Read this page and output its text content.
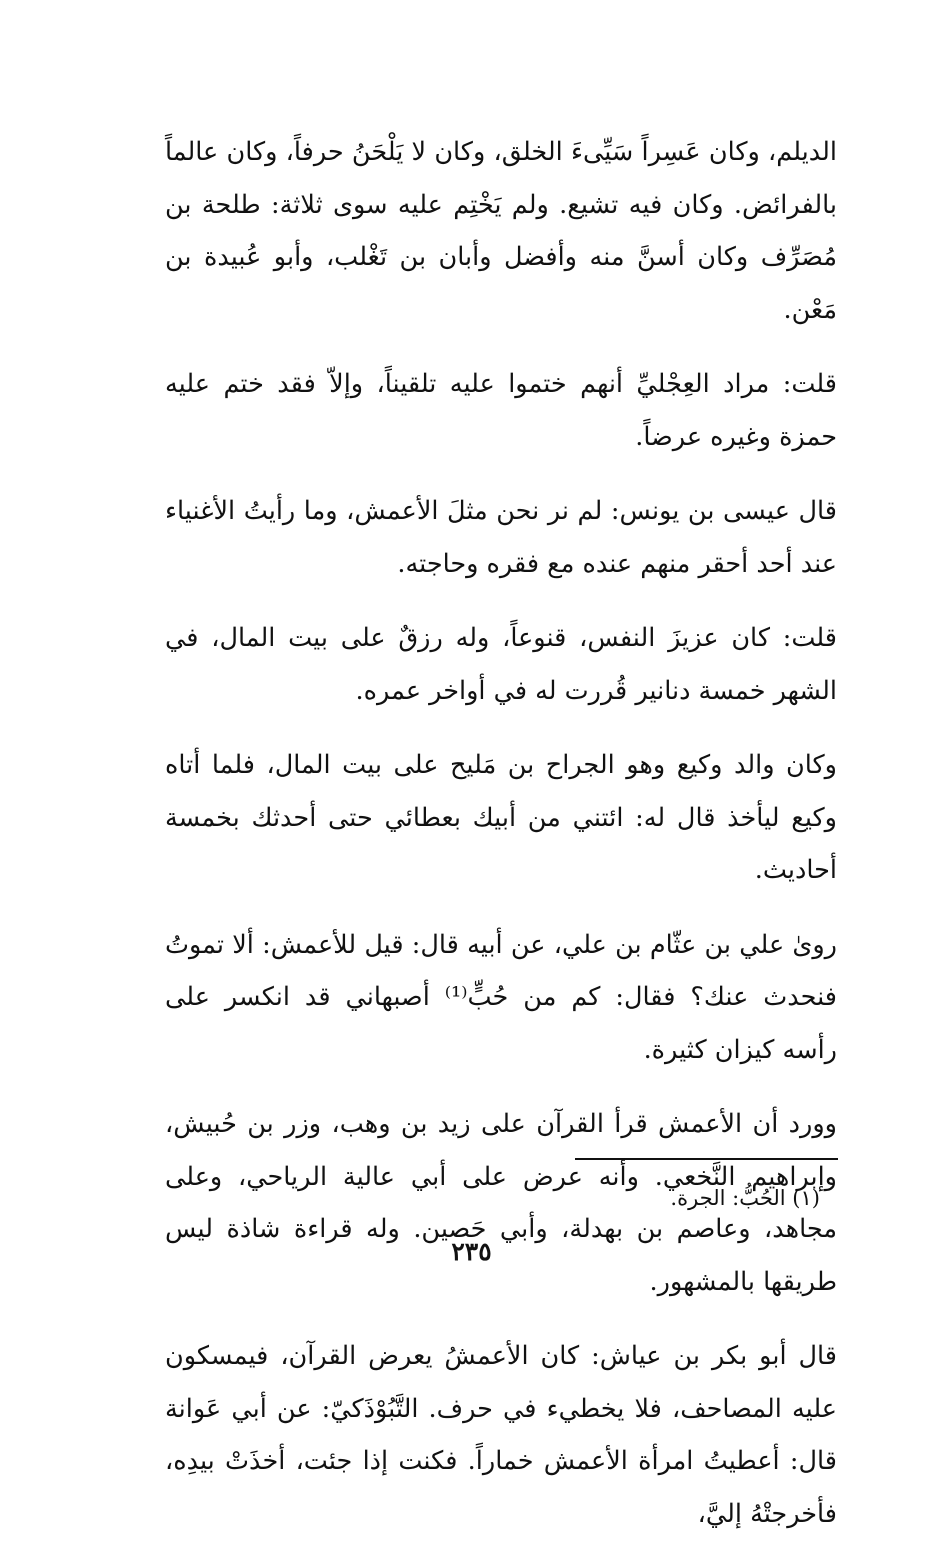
الديلم، وكان عَسِراً سَيِّىءَ الخلق، وكان لا يَلْحَنُ حرفاً، وكان عالماً بالفرائض. وكان فيه تشيع. ولم يَخْتِم عليه سوى ثلاثة: طلحة بن مُصَرِّف وكان أسنَّ منه وأفضل وأبان بن تَغْلب، وأبو عُبيدة بن مَعْن.

قلت: مراد العِجْليِّ أنهم ختموا عليه تلقيناً، وإلاّ فقد ختم عليه حمزة وغيره عرضاً.

قال عيسى بن يونس: لم نر نحن مثلَ الأعمش، وما رأيتُ الأغنياء عند أحد أحقر منهم عنده مع فقره وحاجته.

قلت: كان عزيزَ النفس، قنوعاً، وله رزقٌ على بيت المال، في الشهر خمسة دنانير قُررت له في أواخر عمره.

وكان والد وكيع وهو الجراح بن مَليح على بيت المال، فلما أتاه وكيع ليأخذ قال له: ائتني من أبيك بعطائي حتى أحدثك بخمسة أحاديث.

روىٰ علي بن عثّام بن علي، عن أبيه قال: قيل للأعمش: ألا تموتُ فنحدث عنك؟ فقال: كم من حُبٍّ⁽¹⁾ أصبهاني قد انكسر على رأسه كيزان كثيرة.

وورد أن الأعمش قرأ القرآن على زيد بن وهب، وزر بن حُبيش، وإبراهيم النَّخعي. وأنه عرض على أبي عالية الرياحي، وعلى مجاهد، وعاصم بن بهدلة، وأبي حَصين. وله قراءة شاذة ليس طريقها بالمشهور.

قال أبو بكر بن عياش: كان الأعمشُ يعرض القرآن، فيمسكون عليه المصاحف، فلا يخطيء في حرف. التَّبُوْذَكيّ: عن أبي عَوانة قال: أعطيتُ امرأة الأعمش خماراً. فكنت إذا جئت، أخذَتْ بيدِه، فأخرجتْهُ إليَّ،

(١) الحُبُّ: الجرة.

٢٣٥
